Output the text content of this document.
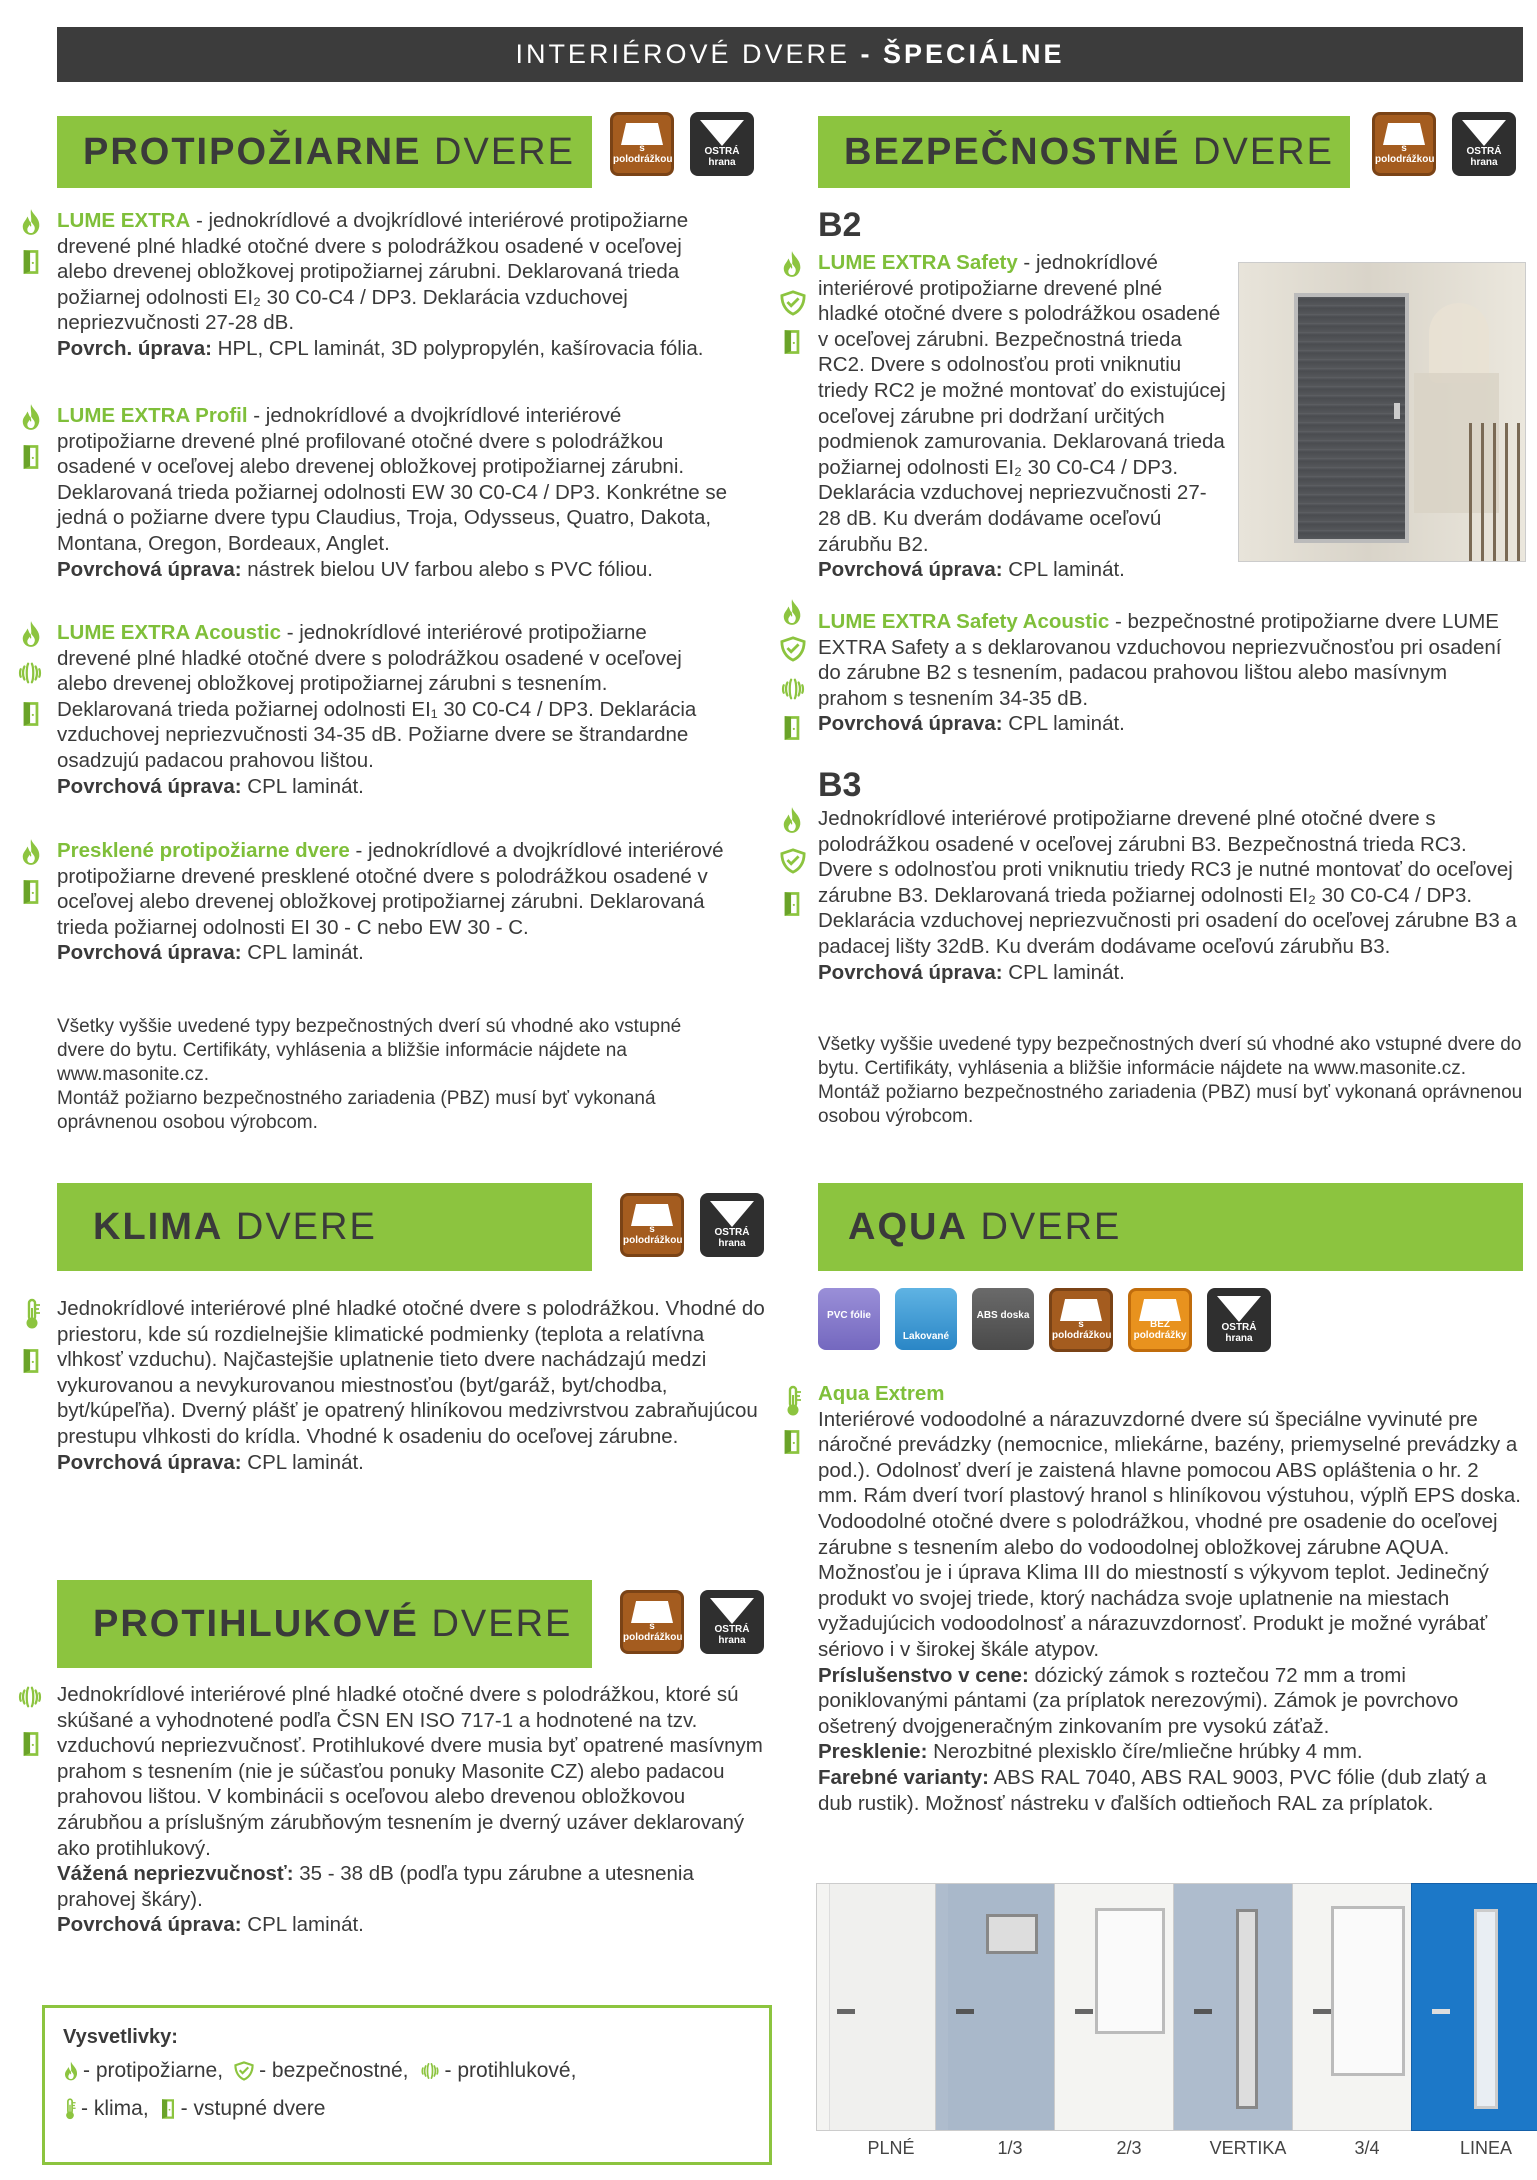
INTERIÉROVÉ DVERE - ŠPECIÁLNE
PROTIPOŽIARNE DVERE	s polodrážkou
OSTRÁ hrana

LUME EXTRA - jednokrídlové a dvojkrídlové interiérové protipožiarne drevené plné hladké otočné dvere s polodrážkou osadené v oceľovej alebo drevenej obložkovej protipožiarnej zárubni. Deklarovaná trieda požiarnej odolnosti EI₂ 30 C0-C4 / DP3. Deklarácia vzduchovej nepriezvučnosti 27-28 dB.

Povrch. úprava: HPL, CPL laminát, 3D polypropylén, kašírovacia fólia.

LUME EXTRA Profil - jednokrídlové a dvojkrídlové interiérové protipožiarne drevené plné profilované otočné dvere s polodrážkou osadené v oceľovej alebo drevenej obložkovej protipožiarnej zárubni. Deklarovaná trieda požiarnej odolnosti EW 30 C0-C4 / DP3. Konkrétne se jedná o požiarne dvere typu Claudius, Troja, Odysseus, Quatro, Dakota, Montana, Oregon, Bordeaux, Anglet.

Povrchová úprava: nástrek bielou UV farbou alebo s PVC fóliou.

LUME EXTRA Acoustic - jednokrídlové interiérové protipožiarne drevené plné hladké otočné dvere s polodrážkou osadené v oceľovej alebo drevenej obložkovej protipožiarnej zárubni s tesnením. Deklarovaná trieda požiarnej odolnosti EI₁ 30 C0-C4 / DP3. Deklarácia vzduchovej nepriezvučnosti 34-35 dB. Požiarne dvere se štrandardne osadzujú padacou prahovou lištou.

Povrchová úprava: CPL laminát.

Presklené protipožiarne dvere - jednokrídlové a dvojkrídlové interiérové protipožiarne drevené presklené otočné dvere s polodrážkou osadené v oceľovej alebo drevenej obložkovej protipožiarnej zárubni. Deklarovaná trieda požiarnej odolnosti EI 30 - C nebo EW 30 - C.

Povrchová úprava: CPL laminát.

Všetky vyššie uvedené typy bezpečnostných dverí sú vhodné ako vstupné dvere do bytu. Certifikáty, vyhlásenia a bližšie informácie nájdete na www.masonite.cz.

Montáž požiarno bezpečnostného zariadenia (PBZ) musí byť vykonaná oprávnenou osobou výrobcom.

BEZPEČNOSTNÉ DVERE	s polodrážkou
OSTRÁ hrana
B2

LUME EXTRA Safety - jednokrídlové interiérové protipožiarne drevené plné hladké otočné dvere s polodrážkou osadené v oceľovej zárubni. Bezpečnostná trieda RC2. Dvere s odolnosťou proti vniknutiu triedy RC2 je možné montovať do existujúcej oceľovej zárubne pri dodržaní určitých podmienok zamurovania. Deklarovaná trieda požiarnej odolnosti EI₂ 30 C0-C4 / DP3. Deklarácia vzduchovej nepriezvučnosti 27-28 dB. Ku dverám dodávame oceľovú zárubňu B2.

Povrchová úprava: CPL laminát.

LUME EXTRA Safety Acoustic - bezpečnostné protipožiarne dvere LUME EXTRA Safety a s deklarovanou vzduchovou nepriezvučnosťou pri osadení do zárubne B2 s tesnením, padacou prahovou lištou alebo masívnym prahom s tesnením 34-35 dB.

Povrchová úprava: CPL laminát.

B3

Jednokrídlové interiérové protipožiarne drevené plné otočné dvere s polodrážkou osadené v oceľovej zárubni B3. Bezpečnostná trieda RC3. Dvere s odolnosťou proti vniknutiu triedy RC3 je nutné montovať do oceľovej zárubne B3. Deklarovaná trieda požiarnej odolnosti EI₂ 30 C0-C4 / DP3. Deklarácia vzduchovej nepriezvučnosti pri osadení do oceľovej zárubne B3 a padacej lišty 32dB. Ku dverám dodávame oceľovú zárubňu B3.

Povrchová úprava: CPL laminát.

Všetky vyššie uvedené typy bezpečnostných dverí sú vhodné ako vstupné dvere do bytu. Certifikáty, vyhlásenia a bližšie informácie nájdete na www.masonite.cz.

Montáž požiarno bezpečnostného zariadenia (PBZ) musí byť vykonaná oprávnenou osobou výrobcom.

KLIMA DVERE	s polodrážkou
OSTRÁ hrana

Jednokrídlové interiérové plné hladké otočné dvere s polodrážkou. Vhodné do priestoru, kde sú rozdielnejšie klimatické podmienky (teplota a relatívna vlhkosť vzduchu). Najčastejšie uplatnenie tieto dvere nachádzajú medzi vykurovanou a nevykurovanou miestnosťou (byt/garáž, byt/chodba, byt/kúpeľňa). Dverný plášť je opatrený hliníkovou medzivrstvou zabraňujúcou prestupu vlhkosti do krídla. Vhodné k osadeniu do oceľovej zárubne.

Povrchová úprava: CPL laminát.

PROTIHLUKOVÉ DVERE	s polodrážkou
OSTRÁ hrana

Jednokrídlové interiérové plné hladké otočné dvere s polodrážkou, ktoré sú skúšané a vyhodnotené podľa ČSN EN ISO 717-1 a hodnotené na tzv. vzduchovú nepriezvučnosť. Protihlukové dvere musia byť opatrené masívnym prahom s tesnením (nie je súčasťou ponuky Masonite CZ) alebo padacou prahovou lištou. V kombinácii s oceľovou alebo drevenou obložkovou zárubňou a príslušným zárubňovým tesnením je dverný uzáver deklarovaný ako protihlukový.

Vážená nepriezvučnosť: 35 - 38 dB (podľa typu zárubne a utesnenia prahovej škáry).

Povrchová úprava: CPL laminát.

AQUA DVERE
PVC fólie
Lakované
ABS doska
s polodrážkou
BEZ polodrážky
OSTRÁ hrana

Aqua Extrem

Interiérové vodoodolné a nárazuvzdorné dvere sú špeciálne vyvinuté pre náročné prevádzky (nemocnice, mliekárne, bazény, priemyselné prevádzky a pod.). Odolnosť dverí je zaistená hlavne pomocou ABS opláštenia o hr. 2 mm. Rám dverí tvorí plastový hranol s hliníkovou výstuhou, výplň EPS doska. Vodoodolné otočné dvere s polodrážkou, vhodné pre osadenie do oceľovej zárubne s tesnením alebo do vodoodolnej obložkovej zárubne AQUA. Možnosťou je i úprava Klima III do miestností s výkyvom teplot. Jedinečný produkt vo svojej triede, ktorý nachádza svoje uplatnenie na miestach vyžadujúcich vodoodolnosť a nárazuvzdornosť. Produkt je možné vyrábať sériovo i v širokej škále atypov.

Príslušenstvo v cene: dózický zámok s roztečou 72 mm a tromi poniklovanými pántami (za príplatok nerezovými). Zámok je povrchovo ošetrený dvojgeneračným zinkovaním pre vysokú záťaž.

Presklenie: Nerozbitné plexisklo číre/mliečne hrúbky 4 mm.

Farebné varianty: ABS RAL 7040, ABS RAL 9003, PVC fólie (dub zlatý a dub rustik). Možnosť nástreku v ďalších odtieňoch RAL za príplatok.

PLNÉ	1/3	2/3	VERTIKA	3/4	LINEA
Vysvetlivky:
- protipožiarne, - bezpečnostné, - protihlukové,
- klima, - vstupné dvere
